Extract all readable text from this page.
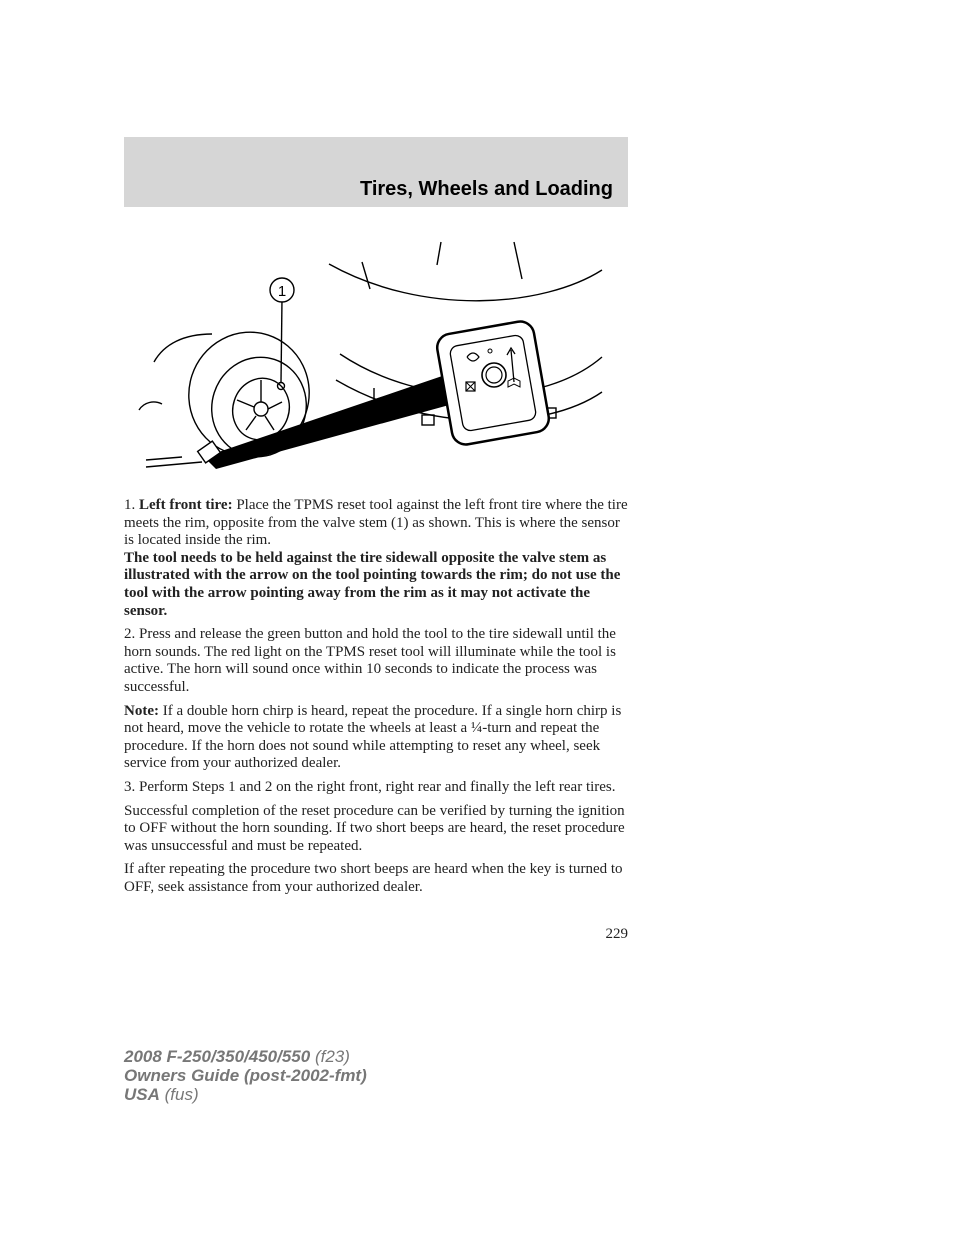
Tires, Wheels and Loading
1

1. Left front tire: Place the TPMS reset tool against the left front tire where the tire meets the rim, opposite from the valve stem (1) as shown. This is where the sensor is located inside the rim.

The tool needs to be held against the tire sidewall opposite the valve stem as illustrated with the arrow on the tool pointing towards the rim; do not use the tool with the arrow pointing away from the rim as it may not activate the sensor.

2. Press and release the green button and hold the tool to the tire sidewall until the horn sounds. The red light on the TPMS reset tool will illuminate while the tool is active. The horn will sound once within 10 seconds to indicate the process was successful.

Note: If a double horn chirp is heard, repeat the procedure. If a single horn chirp is not heard, move the vehicle to rotate the wheels at least a ¼-turn and repeat the procedure. If the horn does not sound while attempting to reset any wheel, seek service from your authorized dealer.

3. Perform Steps 1 and 2 on the right front, right rear and finally the left rear tires.

Successful completion of the reset procedure can be verified by turning the ignition to OFF without the horn sounding. If two short beeps are heard, the reset procedure was unsuccessful and must be repeated.

If after repeating the procedure two short beeps are heard when the key is turned to OFF, seek assistance from your authorized dealer.

229
2008 F-250/350/450/550 (f23)
Owners Guide (post-2002-fmt)
USA (fus)
